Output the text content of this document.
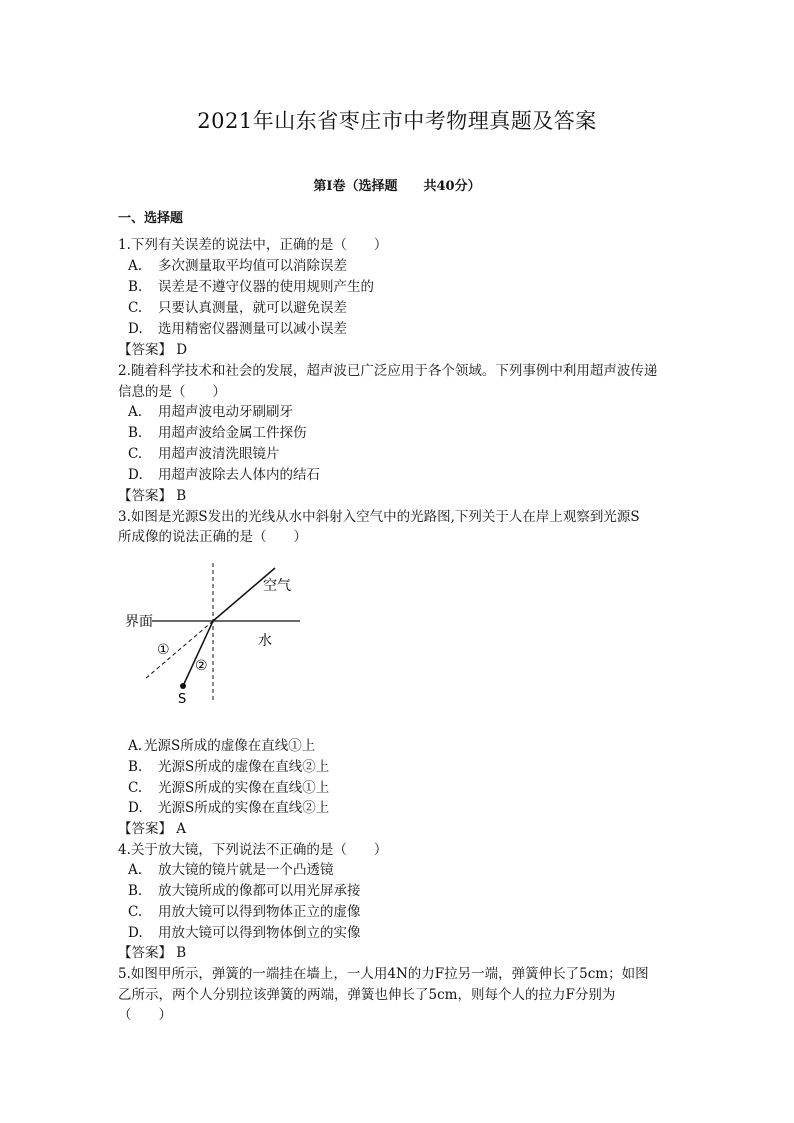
2021年山东省枣庄市中考物理真题及答案
第Ⅰ卷（选择题　　共40分）
一、选择题
1.下列有关误差的说法中，正确的是（　　）
A. 多次测量取平均值可以消除误差
B. 误差是不遵守仪器的使用规则产生的
C. 只要认真测量，就可以避免误差
D. 选用精密仪器测量可以减小误差
【答案】 D
2.随着科学技术和社会的发展，超声波已广泛应用于各个领域。下列事例中利用超声波传递
信息的是（　　）
A. 用超声波电动牙刷刷牙
B. 用超声波给金属工件探伤
C. 用超声波清洗眼镜片
D. 用超声波除去人体内的结石
【答案】 B
3.如图是光源S发出的光线从水中斜射入空气中的光路图,下列关于人在岸上观察到光源S
所成像的说法正确的是（　　）
空气
界面
水
①
②
S
A. 光源S所成的虚像在直线①上
B. 光源S所成的虚像在直线②上
C. 光源S所成的实像在直线①上
D. 光源S所成的实像在直线②上
【答案】 A
4.关于放大镜，下列说法不正确的是（　　）
A. 放大镜的镜片就是一个凸透镜
B. 放大镜所成的像都可以用光屏承接
C. 用放大镜可以得到物体正立的虚像
D. 用放大镜可以得到物体倒立的实像
【答案】 B
5.如图甲所示，弹簧的一端挂在墙上，一人用4N的力F拉另一端，弹簧伸长了5cm；如图
乙所示，两个人分别拉该弹簧的两端，弹簧也伸长了5cm，则每个人的拉力F分别为
（　　）
